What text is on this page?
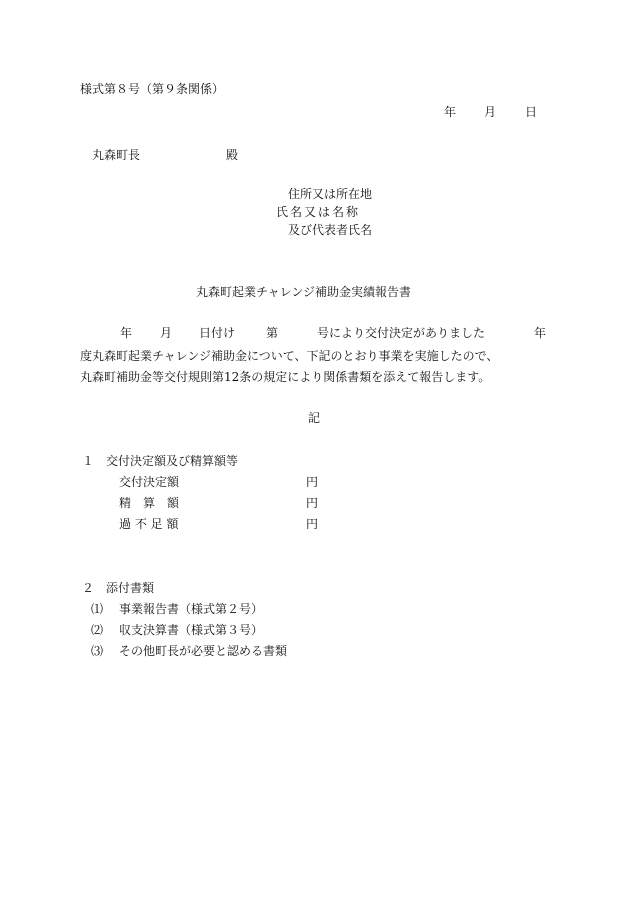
様式第８号（第９条関係）
年 月 日
丸森町長	殿
住所又は所在地
氏名又は名称
及び代表者氏名
丸森町起業チャレンジ補助金実績報告書
年 月 日付け	第	号により交付決定がありました	年
度丸森町起業チャレンジ補助金について、下記のとおり事業を実施したので、
丸森町補助金等交付規則第12条の規定により関係書類を添えて報告します。
記
１ 交付決定額及び精算額等
交付決定額	円
精　算　額	円
過 不 足 額	円
２ 添付書類
⑴ 事業報告書（様式第２号）
⑵ 収支決算書（様式第３号）
⑶ その他町長が必要と認める書類
